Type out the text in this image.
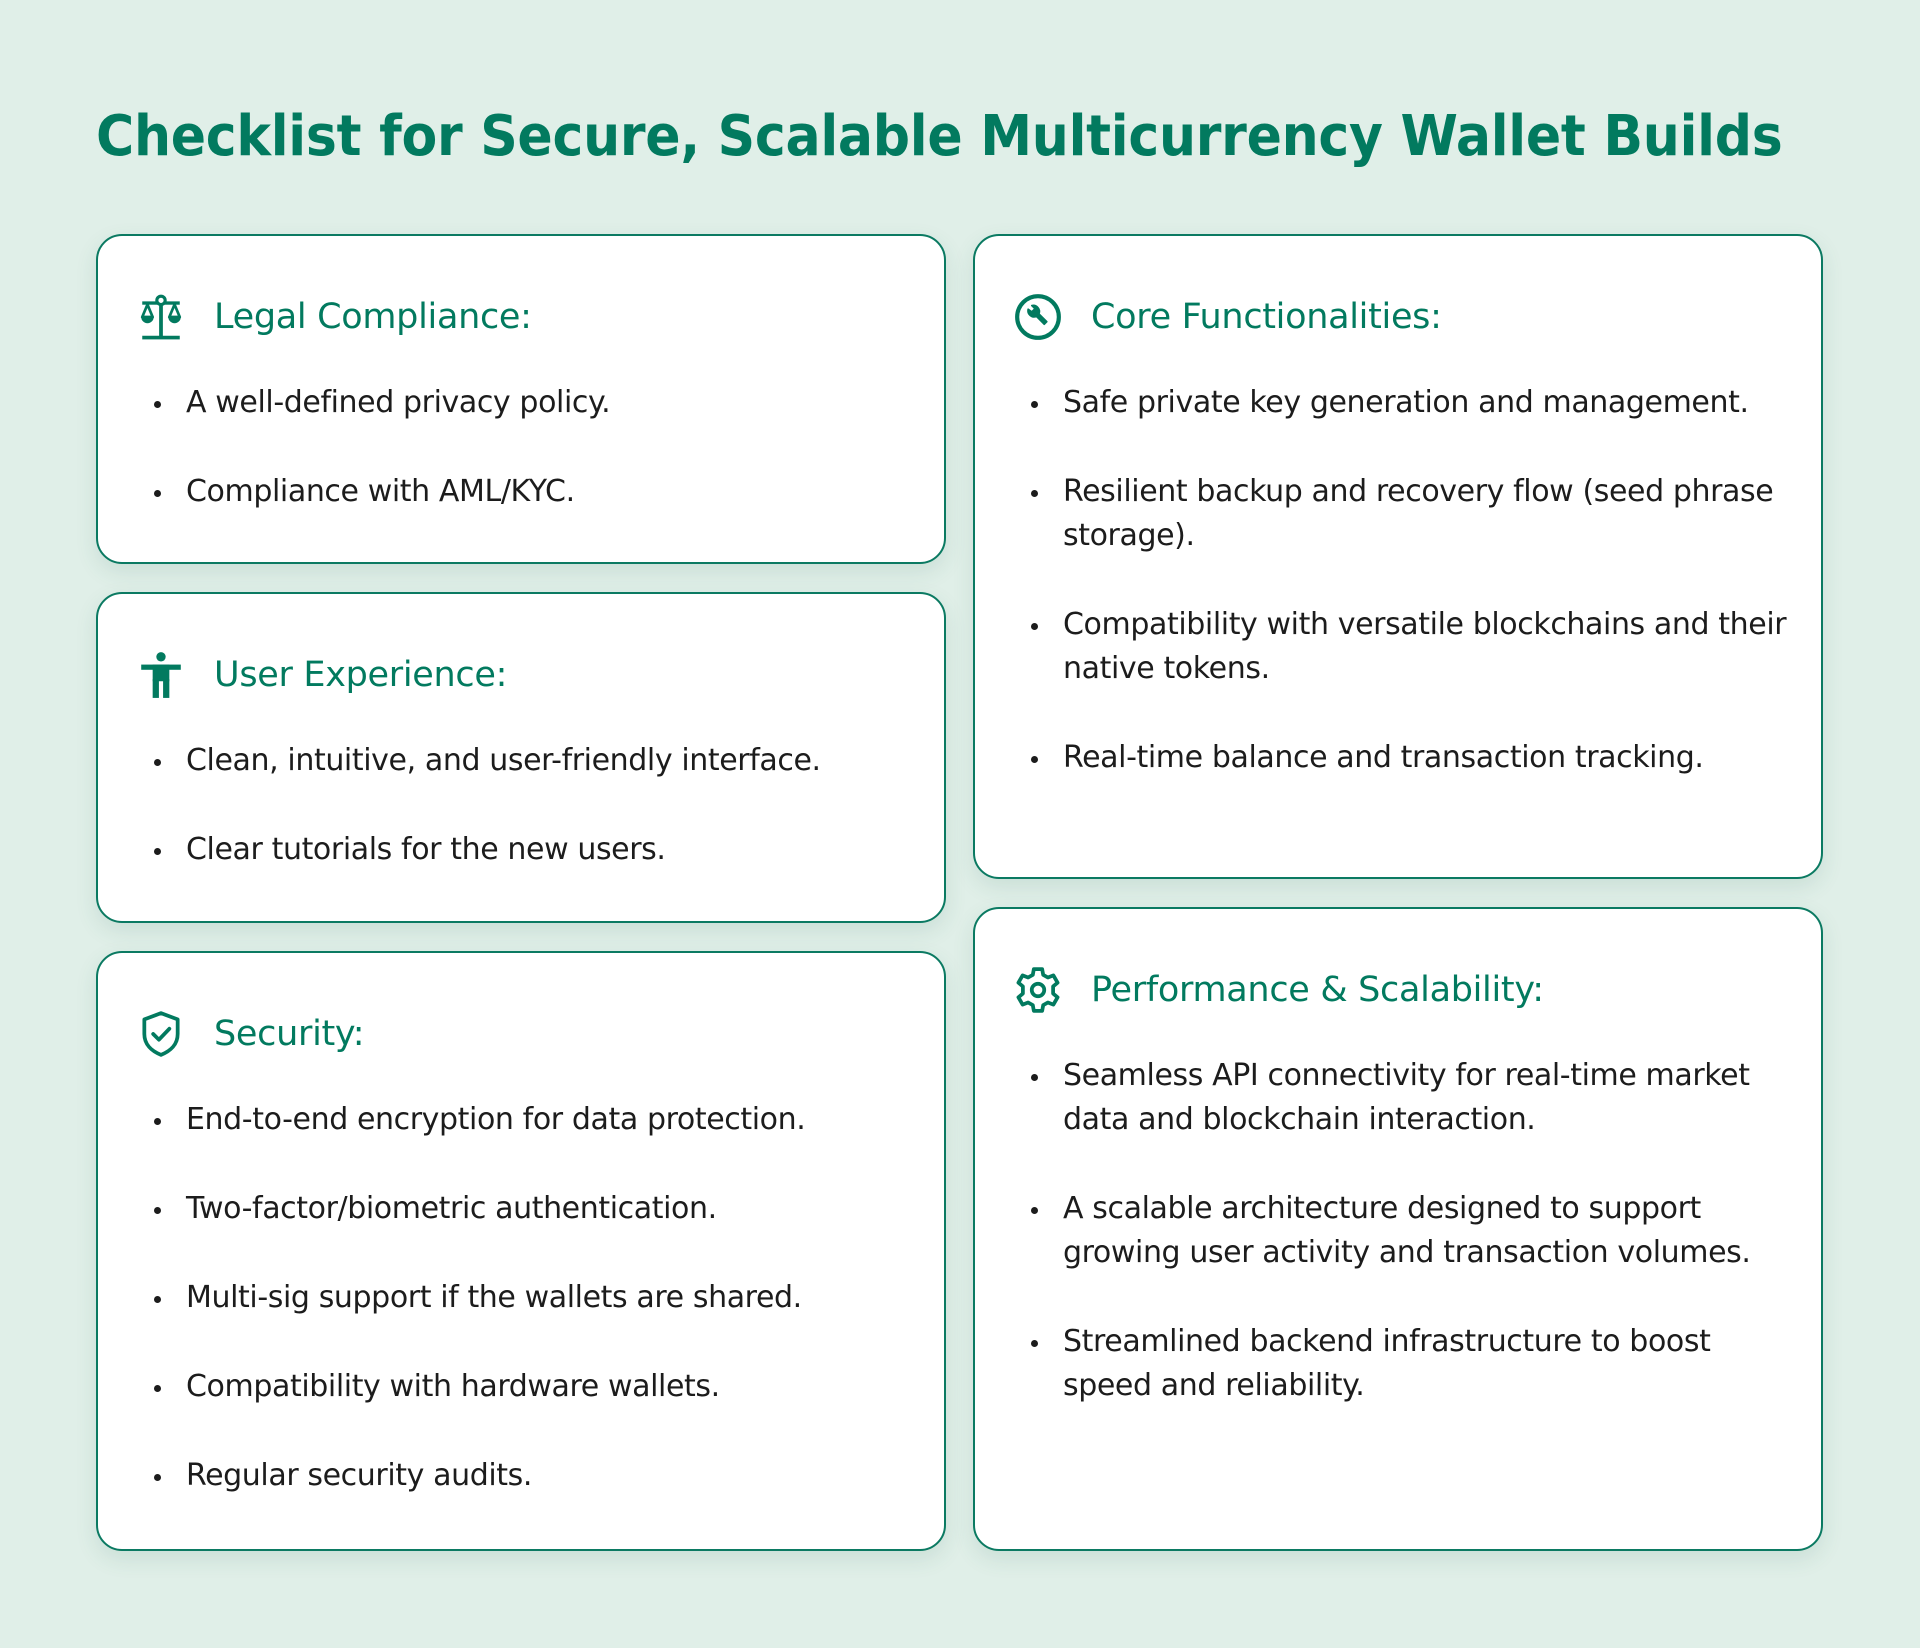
Checklist for Secure, Scalable Multicurrency Wallet Builds
Legal Compliance:
A well-defined privacy policy.
Compliance with AML/KYC.
User Experience:
Clean, intuitive, and user-friendly interface.
Clear tutorials for the new users.
Security:
End-to-end encryption for data protection.
Two-factor/biometric authentication.
Multi-sig support if the wallets are shared.
Compatibility with hardware wallets.
Regular security audits.
Core Functionalities:
Safe private key generation and management.
Resilient backup and recovery flow (seed phrase storage).
Compatibility with versatile blockchains and their native tokens.
Real-time balance and transaction tracking.
Performance & Scalability:
Seamless API connectivity for real-time market data and blockchain interaction.
A scalable architecture designed to support growing user activity and transaction volumes.
Streamlined backend infrastructure to boost speed and reliability.
